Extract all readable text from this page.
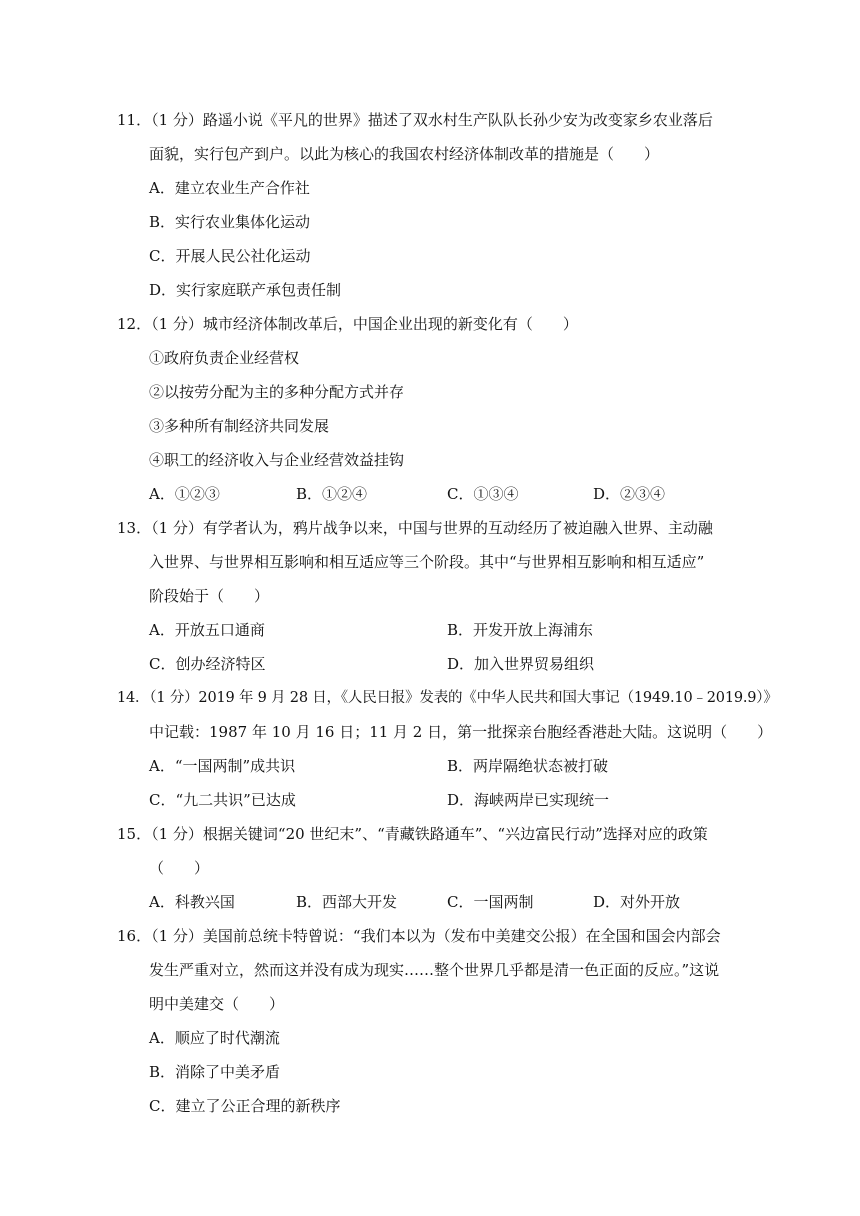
11．（1 分）路遥小说《平凡的世界》描述了双水村生产队队长孙少安为改变家乡农业落后
面貌，实行包产到户。以此为核心的我国农村经济体制改革的措施是（　　）
A．建立农业生产合作社
B．实行农业集体化运动
C．开展人民公社化运动
D．实行家庭联产承包责任制
12．（1 分）城市经济体制改革后，中国企业出现的新变化有（　　）
①政府负责企业经营权
②以按劳分配为主的多种分配方式并存
③多种所有制经济共同发展
④职工的经济收入与企业经营效益挂钩
A．①②③	B．①②④	C．①③④	D．②③④
13．（1 分）有学者认为，鸦片战争以来，中国与世界的互动经历了被迫融入世界、主动融
入世界、与世界相互影响和相互适应等三个阶段。其中“与世界相互影响和相互适应”
阶段始于（　　）
A．开放五口通商	B．开发开放上海浦东
C．创办经济特区	D．加入世界贸易组织
14．（1 分）2019 年 9 月 28 日，《人民日报》发表的《中华人民共和国大事记（1949.10﹣2019.9）》
中记载：1987 年 10 月 16 日；11 月 2 日，第一批探亲台胞经香港赴大陆。这说明（　　）
A．“一国两制”成共识	B．两岸隔绝状态被打破
C．“九二共识”已达成	D．海峡两岸已实现统一
15．（1 分）根据关键词“20 世纪末”、“青藏铁路通车”、“兴边富民行动”选择对应的政策
（　　）
A．科教兴国	B．西部大开发	C．一国两制	D．对外开放
16．（1 分）美国前总统卡特曾说：“我们本以为（发布中美建交公报）在全国和国会内部会
发生严重对立，然而这并没有成为现实……整个世界几乎都是清一色正面的反应。”这说
明中美建交（　　）
A．顺应了时代潮流
B．消除了中美矛盾
C．建立了公正合理的新秩序
